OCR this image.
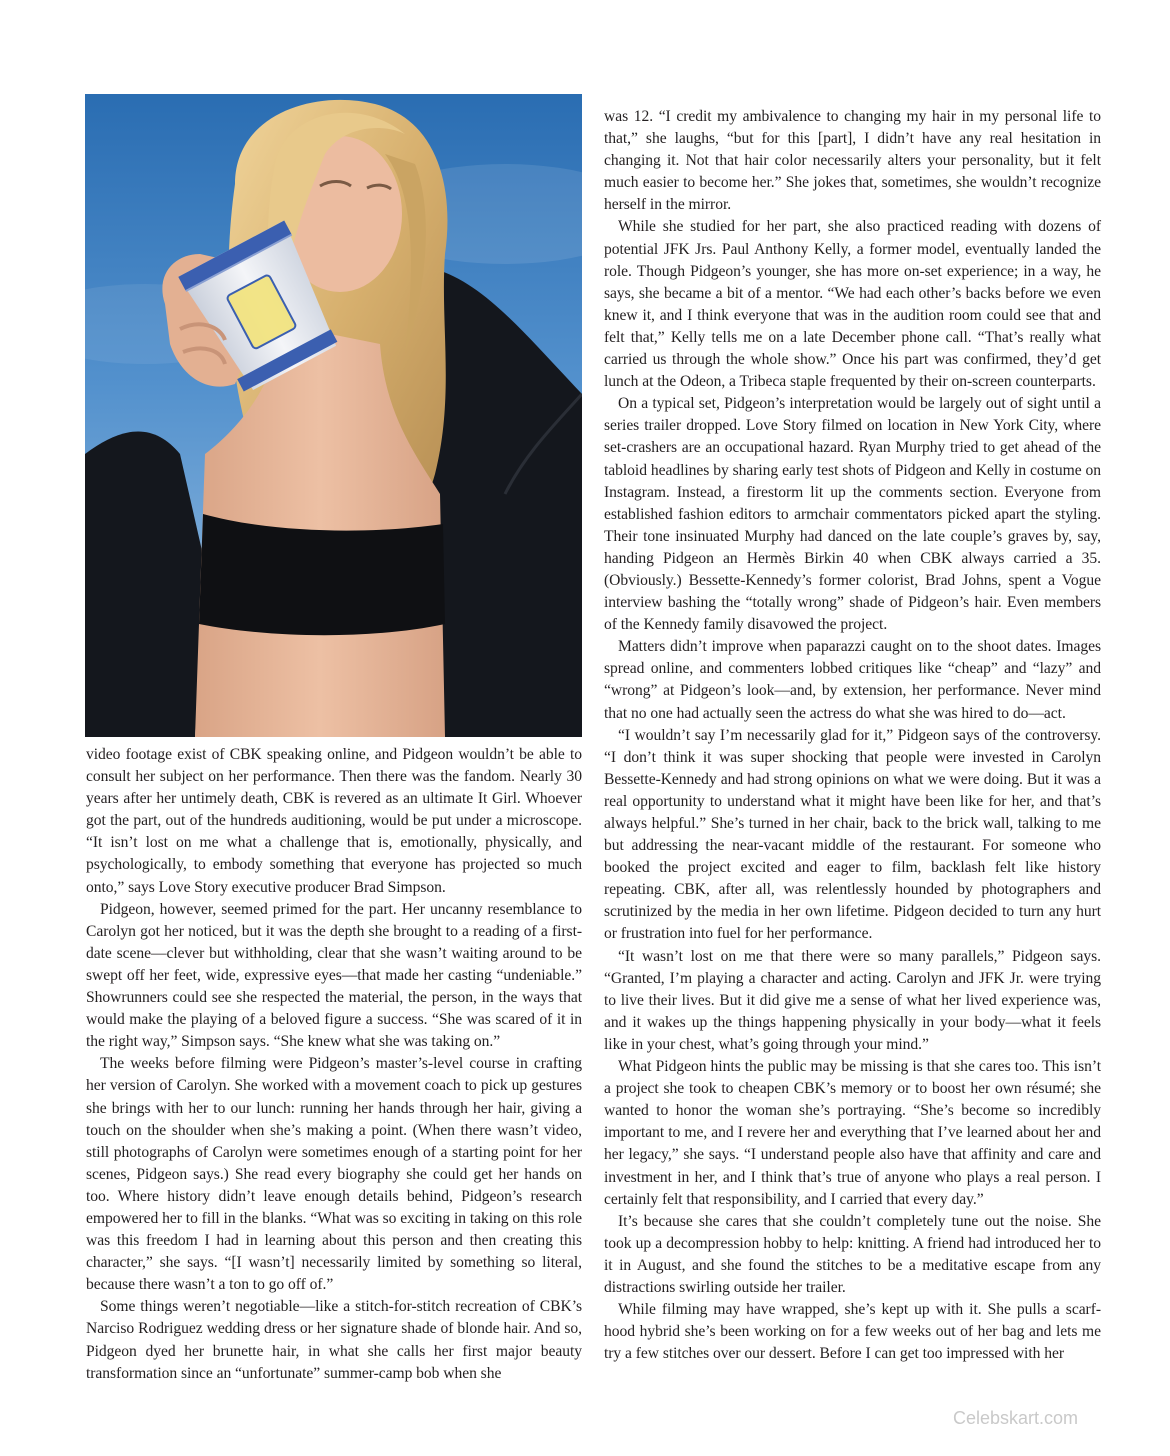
video footage exist of CBK speaking online, and Pidgeon wouldn’t be able to consult her subject on her performance. Then there was the fandom. Nearly 30 years after her untimely death, CBK is revered as an ultimate It Girl. Whoever got the part, out of the hundreds auditioning, would be put under a microscope. “It isn’t lost on me what a challenge that is, emotionally, physically, and psychologically, to embody something that everyone has projected so much onto,” says Love Story executive producer Brad Simpson.

Pidgeon, however, seemed primed for the part. Her uncanny resemblance to Carolyn got her noticed, but it was the depth she brought to a reading of a first-date scene—clever but withholding, clear that she wasn’t waiting around to be swept off her feet, wide, expressive eyes—that made her casting “undeniable.” Showrunners could see she respected the material, the person, in the ways that would make the playing of a beloved figure a success. “She was scared of it in the right way,” Simpson says. “She knew what she was taking on.”

The weeks before filming were Pidgeon’s master’s-level course in crafting her version of Carolyn. She worked with a movement coach to pick up gestures she brings with her to our lunch: running her hands through her hair, giving a touch on the shoulder when she’s making a point. (When there wasn’t video, still photographs of Carolyn were sometimes enough of a starting point for her scenes, Pidgeon says.) She read every biography she could get her hands on too. Where history didn’t leave enough details behind, Pidgeon’s research empowered her to fill in the blanks. “What was so exciting in taking on this role was this freedom I had in learning about this person and then creating this character,” she says. “[I wasn’t] necessarily limited by something so literal, because there wasn’t a ton to go off of.”

Some things weren’t negotiable—like a stitch-for-stitch recreation of CBK’s Narciso Rodriguez wedding dress or her signature shade of blonde hair. And so, Pidgeon dyed her brunette hair, in what she calls her first major beauty transformation since an “unfortunate” summer-camp bob when she

was 12. “I credit my ambivalence to changing my hair in my personal life to that,” she laughs, “but for this [part], I didn’t have any real hesitation in changing it. Not that hair color necessarily alters your personality, but it felt much easier to become her.” She jokes that, sometimes, she wouldn’t recognize herself in the mirror.

While she studied for her part, she also practiced reading with dozens of potential JFK Jrs. Paul Anthony Kelly, a former model, eventually landed the role. Though Pidgeon’s younger, she has more on-set experience; in a way, he says, she became a bit of a mentor. “We had each other’s backs before we even knew it, and I think everyone that was in the audition room could see that and felt that,” Kelly tells me on a late December phone call. “That’s really what carried us through the whole show.” Once his part was confirmed, they’d get lunch at the Odeon, a Tribeca staple frequented by their on-screen counterparts.

On a typical set, Pidgeon’s interpretation would be largely out of sight until a series trailer dropped. Love Story filmed on location in New York City, where set-crashers are an occupational hazard. Ryan Murphy tried to get ahead of the tabloid headlines by sharing early test shots of Pidgeon and Kelly in costume on Instagram. Instead, a firestorm lit up the comments section. Everyone from established fashion editors to armchair commentators picked apart the styling. Their tone insinuated Murphy had danced on the late couple’s graves by, say, handing Pidgeon an Hermès Birkin 40 when CBK always carried a 35. (Obviously.) Bessette-Kennedy’s former colorist, Brad Johns, spent a Vogue interview bashing the “totally wrong” shade of Pidgeon’s hair. Even members of the Kennedy family disavowed the project.

Matters didn’t improve when paparazzi caught on to the shoot dates. Images spread online, and commenters lobbed critiques like “cheap” and “lazy” and “wrong” at Pidgeon’s look—and, by extension, her performance. Never mind that no one had actually seen the actress do what she was hired to do—act.

“I wouldn’t say I’m necessarily glad for it,” Pidgeon says of the controversy. “I don’t think it was super shocking that people were invested in Carolyn Bessette-Kennedy and had strong opinions on what we were doing. But it was a real opportunity to understand what it might have been like for her, and that’s always helpful.” She’s turned in her chair, back to the brick wall, talking to me but addressing the near-vacant middle of the restaurant. For someone who booked the project excited and eager to film, backlash felt like history repeating. CBK, after all, was relentlessly hounded by photographers and scrutinized by the media in her own lifetime. Pidgeon decided to turn any hurt or frustration into fuel for her performance.

“It wasn’t lost on me that there were so many parallels,” Pidgeon says. “Granted, I’m playing a character and acting. Carolyn and JFK Jr. were trying to live their lives. But it did give me a sense of what her lived experience was, and it wakes up the things happening physically in your body—what it feels like in your chest, what’s going through your mind.”

What Pidgeon hints the public may be missing is that she cares too. This isn’t a project she took to cheapen CBK’s memory or to boost her own résumé; she wanted to honor the woman she’s portraying. “She’s become so incredibly important to me, and I revere her and everything that I’ve learned about her and her legacy,” she says. “I understand people also have that affinity and care and investment in her, and I think that’s true of anyone who plays a real person. I certainly felt that responsibility, and I carried that every day.”

It’s because she cares that she couldn’t completely tune out the noise. She took up a decompression hobby to help: knitting. A friend had introduced her to it in August, and she found the stitches to be a meditative escape from any distractions swirling outside her trailer.

While filming may have wrapped, she’s kept up with it. She pulls a scarf-hood hybrid she’s been working on for a few weeks out of her bag and lets me try a few stitches over our dessert. Before I can get too impressed with her

Celebskart.com
